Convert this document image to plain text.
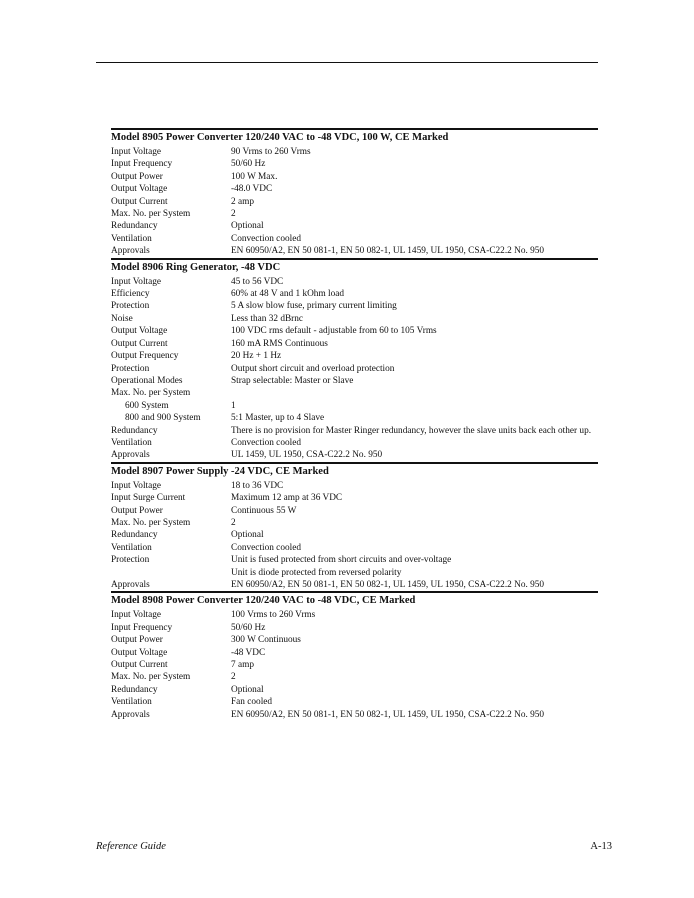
Model 8905 Power Converter 120/240 VAC to -48 VDC, 100 W, CE Marked
Input Voltage	90 Vrms to 260 Vrms
Input Frequency	50/60 Hz
Output Power	100 W Max.
Output Voltage	-48.0 VDC
Output Current	2 amp
Max. No. per System	2
Redundancy	Optional
Ventilation	Convection cooled
Approvals	EN 60950/A2, EN 50 081-1, EN 50 082-1, UL 1459, UL 1950, CSA-C22.2 No. 950
Model 8906 Ring Generator, -48 VDC
Input Voltage	45 to 56 VDC
Efficiency	60% at 48 V and 1 kOhm load
Protection	5 A slow blow fuse, primary current limiting
Noise	Less than 32 dBrnc
Output Voltage	100 VDC rms default - adjustable from 60 to 105 Vrms
Output Current	160 mA RMS Continuous
Output Frequency	20 Hz + 1 Hz
Protection	Output short circuit and overload protection
Operational Modes	Strap selectable: Master or Slave
Max. No. per System
600 System	1
800 and 900 System	5:1 Master, up to 4 Slave
Redundancy	There is no provision for Master Ringer redundancy, however the slave units back each other up.
Ventilation	Convection cooled
Approvals	UL 1459, UL 1950, CSA-C22.2 No. 950
Model 8907 Power Supply -24 VDC, CE Marked
Input Voltage	18 to 36 VDC
Input Surge Current	Maximum 12 amp at 36 VDC
Output Power	Continuous 55 W
Max. No. per System	2
Redundancy	Optional
Ventilation	Convection cooled
Protection	Unit is fused protected from short circuits and over-voltage
Unit is diode protected from reversed polarity
Approvals	EN 60950/A2, EN 50 081-1, EN 50 082-1, UL 1459, UL 1950, CSA-C22.2 No. 950
Model 8908 Power Converter 120/240 VAC to -48 VDC, CE Marked
Input Voltage	100 Vrms to 260 Vrms
Input Frequency	50/60 Hz
Output Power	300 W Continuous
Output Voltage	-48 VDC
Output Current	7 amp
Max. No. per System	2
Redundancy	Optional
Ventilation	Fan cooled
Approvals	EN 60950/A2, EN 50 081-1, EN 50 082-1, UL 1459, UL 1950, CSA-C22.2 No. 950
Reference Guide	A-13
